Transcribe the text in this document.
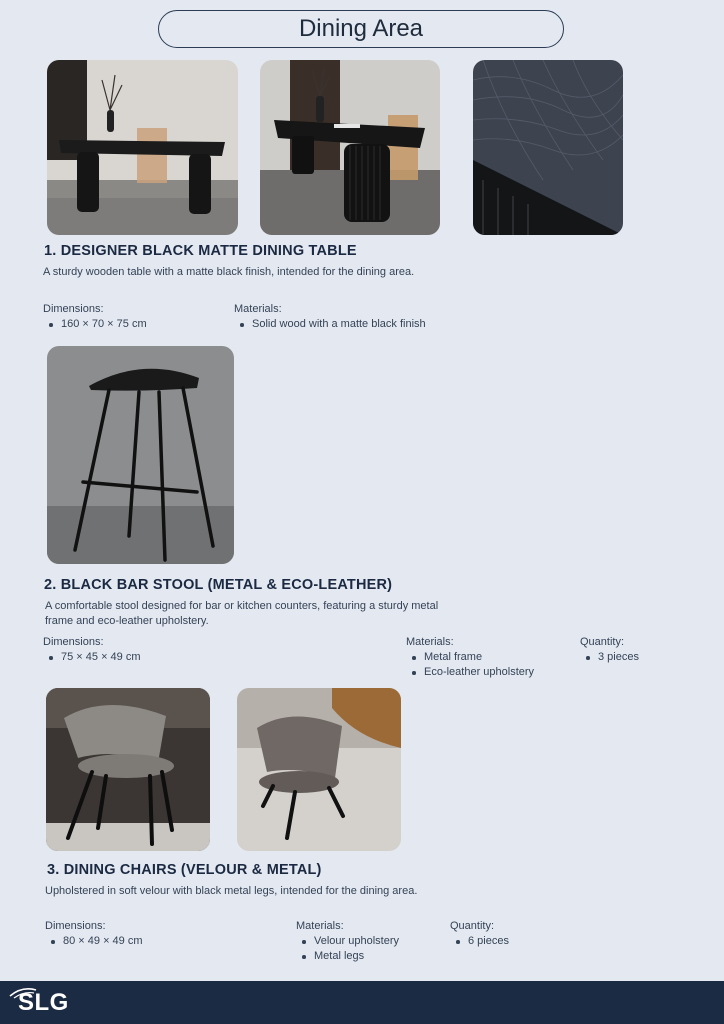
Dining Area
1. DESIGNER BLACK MATTE DINING TABLE
A sturdy wooden table with a matte black finish, intended for the dining area.
Dimensions:
160 × 70 × 75 cm
Materials:
Solid wood with a matte black finish
2. BLACK BAR STOOL (METAL & ECO-LEATHER)
A comfortable stool designed for bar or kitchen counters, featuring a sturdy metal frame and eco-leather upholstery.
Dimensions:
75 × 45 × 49 cm
Materials:
Metal frame
Eco-leather upholstery
Quantity:
3 pieces
3. DINING CHAIRS (VELOUR & METAL)
Upholstered in soft velour with black metal legs, intended for the dining area.
Dimensions:
80 × 49 × 49 cm
Materials:
Velour upholstery
Metal legs
Quantity:
6 pieces
SLG
